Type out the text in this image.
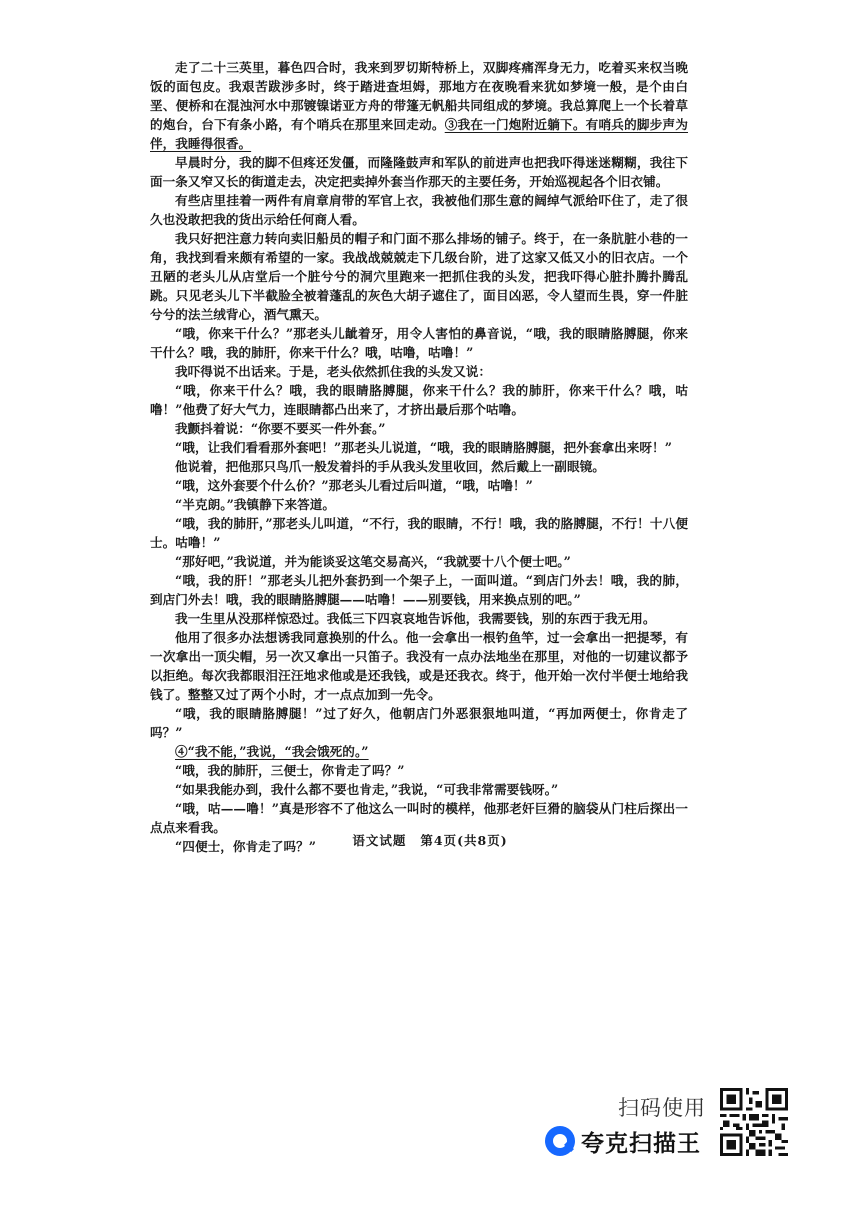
走了二十三英里，暮色四合时，我来到罗切斯特桥上，双脚疼痛浑身无力，吃着买来权当晚饭的面包皮。我艰苦跋涉多时，终于踏进查坦姆，那地方在夜晚看来犹如梦境一般，是个由白垩、便桥和在混浊河水中那镀镍诺亚方舟的带篷无帆船共同组成的梦境。我总算爬上一个长着草的炮台，台下有条小路，有个哨兵在那里来回走动。③我在一门炮附近躺下。有哨兵的脚步声为伴，我睡得很香。

早晨时分，我的脚不但疼还发僵，而隆隆鼓声和军队的前进声也把我吓得迷迷糊糊，我往下面一条又窄又长的街道走去，决定把卖掉外套当作那天的主要任务，开始巡视起各个旧衣铺。

有些店里挂着一两件有肩章肩带的军官上衣，我被他们那生意的阔绰气派给吓住了，走了很久也没敢把我的货出示给任何商人看。

我只好把注意力转向卖旧船员的帽子和门面不那么排场的铺子。终于，在一条肮脏小巷的一角，我找到看来颇有希望的一家。我战战兢兢走下几级台阶，进了这家又低又小的旧衣店。一个丑陋的老头儿从店堂后一个脏兮兮的洞穴里跑来一把抓住我的头发，把我吓得心脏扑腾扑腾乱跳。只见老头儿下半截脸全被着蓬乱的灰色大胡子遮住了，面目凶恶，令人望而生畏，穿一件脏兮兮的法兰绒背心，酒气熏天。

“哦，你来干什么？”那老头儿龇着牙，用令人害怕的鼻音说，“哦，我的眼睛胳膊腿，你来干什么？哦，我的肺肝，你来干什么？哦，咕噜，咕噜！”

我吓得说不出话来。于是，老头依然抓住我的头发又说：

“哦，你来干什么？哦，我的眼睛胳膊腿，你来干什么？我的肺肝，你来干什么？哦，咕噜！”他费了好大气力，连眼睛都凸出来了，才挤出最后那个咕噜。

我颤抖着说：“你要不要买一件外套。”

“哦，让我们看看那外套吧！”那老头儿说道，“哦，我的眼睛胳膊腿，把外套拿出来呀！”

他说着，把他那只鸟爪一般发着抖的手从我头发里收回，然后戴上一副眼镜。

“哦，这外套要个什么价？”那老头儿看过后叫道，“哦，咕噜！”

“半克朗。”我镇静下来答道。

“哦，我的肺肝，”那老头儿叫道，“不行，我的眼睛，不行！哦，我的胳膊腿，不行！十八便士。咕噜！”

“那好吧，”我说道，并为能谈妥这笔交易高兴，“我就要十八个便士吧。”

“哦，我的肝！”那老头儿把外套扔到一个架子上，一面叫道。“到店门外去！哦，我的肺，到店门外去！哦，我的眼睛胳膊腿——咕噜！——别要钱，用来换点别的吧。”

我一生里从没那样惊恐过。我低三下四哀哀地告诉他，我需要钱，别的东西于我无用。

他用了很多办法想诱我同意换别的什么。他一会拿出一根钓鱼竿，过一会拿出一把提琴，有一次拿出一顶尖帽，另一次又拿出一只笛子。我没有一点办法地坐在那里，对他的一切建议都予以拒绝。每次我都眼泪汪汪地求他或是还我钱，或是还我衣。终于，他开始一次付半便士地给我钱了。整整又过了两个小时，才一点点加到一先令。

“哦，我的眼睛胳膊腿！”过了好久，他朝店门外恶狠狠地叫道，“再加两便士，你肯走了吗？”

④“我不能，”我说，“我会饿死的。”

“哦，我的肺肝，三便士，你肯走了吗？”

“如果我能办到，我什么都不要也肯走，”我说，“可我非常需要钱呀。”

“哦，咕——噜！”真是形容不了他这么一叫时的模样，他那老奸巨猾的脑袋从门柱后探出一点点来看我。

“四便士，你肯走了吗？”	语文试题 第4页(共8页)
扫码使用
夸克扫描王
